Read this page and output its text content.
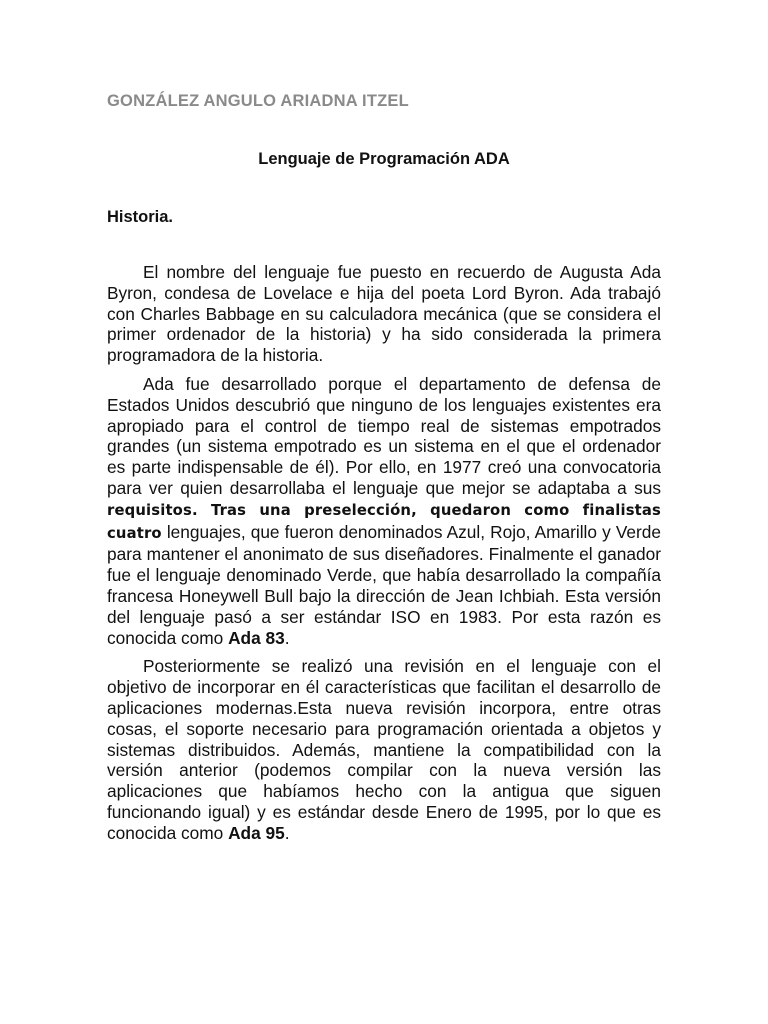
GONZÁLEZ ANGULO ARIADNA ITZEL
Lenguaje de Programación ADA
Historia.

El nombre del lenguaje fue puesto en recuerdo de Augusta Ada Byron, condesa de Lovelace e hija del poeta Lord Byron. Ada trabajó con Charles Babbage en su calculadora mecánica (que se considera el primer ordenador de la historia) y ha sido considerada la primera programadora de la historia.

Ada fue desarrollado porque el departamento de defensa de Estados Unidos descubrió que ninguno de los lenguajes existentes era apropiado para el control de tiempo real de sistemas empotrados grandes (un sistema empotrado es un sistema en el que el ordenador es parte indispensable de él). Por ello, en 1977 creó una convocatoria para ver quien desarrollaba el lenguaje que mejor se adaptaba a sus requisitos. Tras una preselección, quedaron como finalistas cuatro lenguajes, que fueron denominados Azul, Rojo, Amarillo y Verde para mantener el anonimato de sus diseñadores. Finalmente el ganador fue el lenguaje denominado Verde, que había desarrollado la compañía francesa Honeywell Bull bajo la dirección de Jean Ichbiah. Esta versión del lenguaje pasó a ser estándar ISO en 1983. Por esta razón es conocida como Ada 83.

Posteriormente se realizó una revisión en el lenguaje con el objetivo de incorporar en él características que facilitan el desarrollo de aplicaciones modernas.Esta nueva revisión incorpora, entre otras cosas, el soporte necesario para programación orientada a objetos y sistemas distribuidos. Además, mantiene la compatibilidad con la versión anterior (podemos compilar con la nueva versión las aplicaciones que habíamos hecho con la antigua que siguen funcionando igual) y es estándar desde Enero de 1995, por lo que es conocida como Ada 95.
